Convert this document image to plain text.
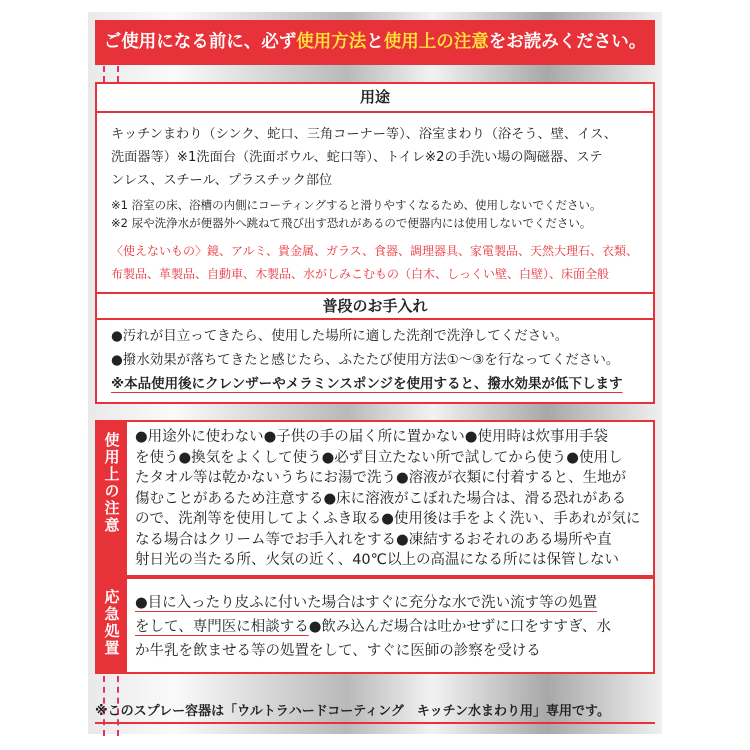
ご使用になる前に、必ず使用方法と使用上の注意をお読みください。
用途
キッチンまわり（シンク、蛇口、三角コーナー等）、浴室まわり（浴そう、壁、イス、
洗面器等）※1洗面台（洗面ボウル、蛇口等）、トイレ※2の手洗い場の陶磁器、ステ
ンレス、スチール、プラスチック部位
※1 浴室の床、浴槽の内側にコーティングすると滑りやすくなるため、使用しないでください。
※2 尿や洗浄水が便器外へ跳ねて飛び出す恐れがあるので便器内には使用しないでください。
〈使えないもの〉鏡、アルミ、貴金属、ガラス、食器、調理器具、家電製品、天然大理石、衣類、
布製品、革製品、自動車、木製品、水がしみこむもの（白木、しっくい壁、白壁）、床面全般
普段のお手入れ
●汚れが目立ってきたら、使用した場所に適した洗剤で洗浄してください。
●撥水効果が落ちてきたと感じたら、ふたたび使用方法①〜③を行なってください。
※本品使用後にクレンザーやメラミンスポンジを使用すると、撥水効果が低下します
使用上の注意	●用途外に使わない●子供の手の届く所に置かない●使用時は炊事用手袋
を使う●換気をよくして使う●必ず目立たない所で試してから使う●使用し
たタオル等は乾かないうちにお湯で洗う●溶液が衣類に付着すると、生地が
傷むことがあるため注意する●床に溶液がこぼれた場合は、滑る恐れがある
ので、洗剤等を使用してよくふき取る●使用後は手をよく洗い、手あれが気に
なる場合はクリーム等でお手入れをする●凍結するおそれのある場所や直
射日光の当たる所、火気の近く、40℃以上の高温になる所には保管しない
応急処置	●目に入ったり皮ふに付いた場合はすぐに充分な水で洗い流す等の処置
をして、専門医に相談する●飲み込んだ場合は吐かせずに口をすすぎ、水
か牛乳を飲ませる等の処置をして、すぐに医師の診察を受ける
※このスプレー容器は「ウルトラハードコーティング　キッチン水まわり用」専用です。
